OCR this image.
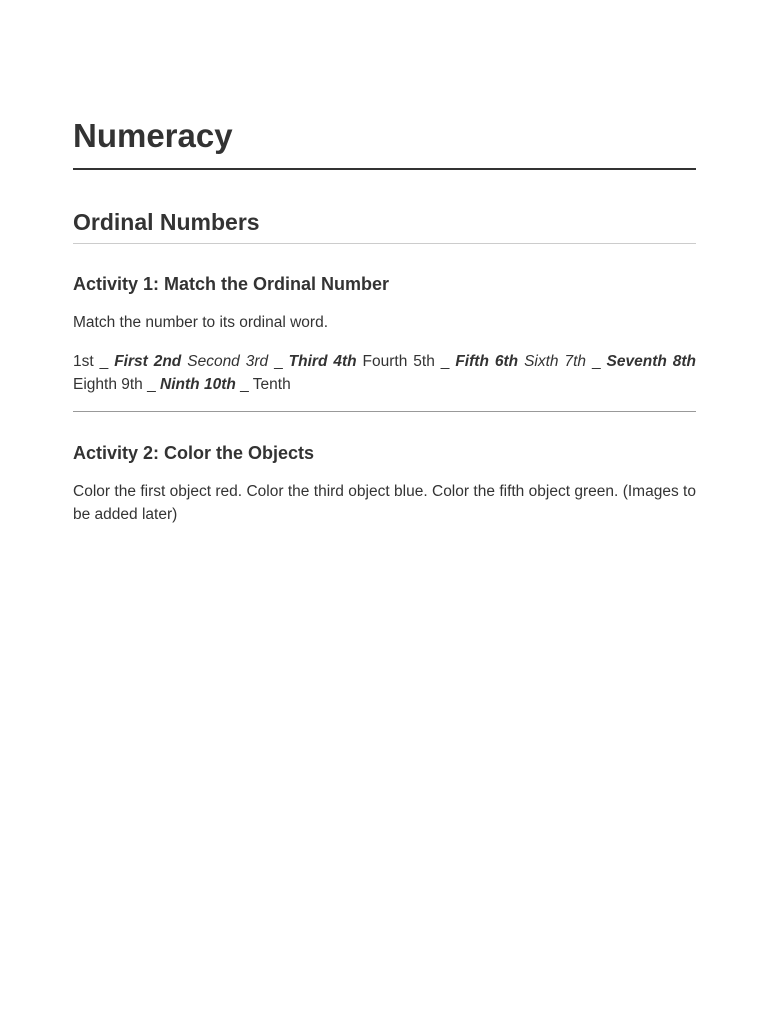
Numeracy
Ordinal Numbers
Activity 1: Match the Ordinal Number

Match the number to its ordinal word.

1st _ First 2nd Second 3rd _ Third 4th Fourth 5th _ Fifth 6th Sixth 7th _ Seventh 8th Eighth 9th _ Ninth 10th _ Tenth

Activity 2: Color the Objects

Color the first object red. Color the third object blue. Color the fifth object green. (Images to be added later)
